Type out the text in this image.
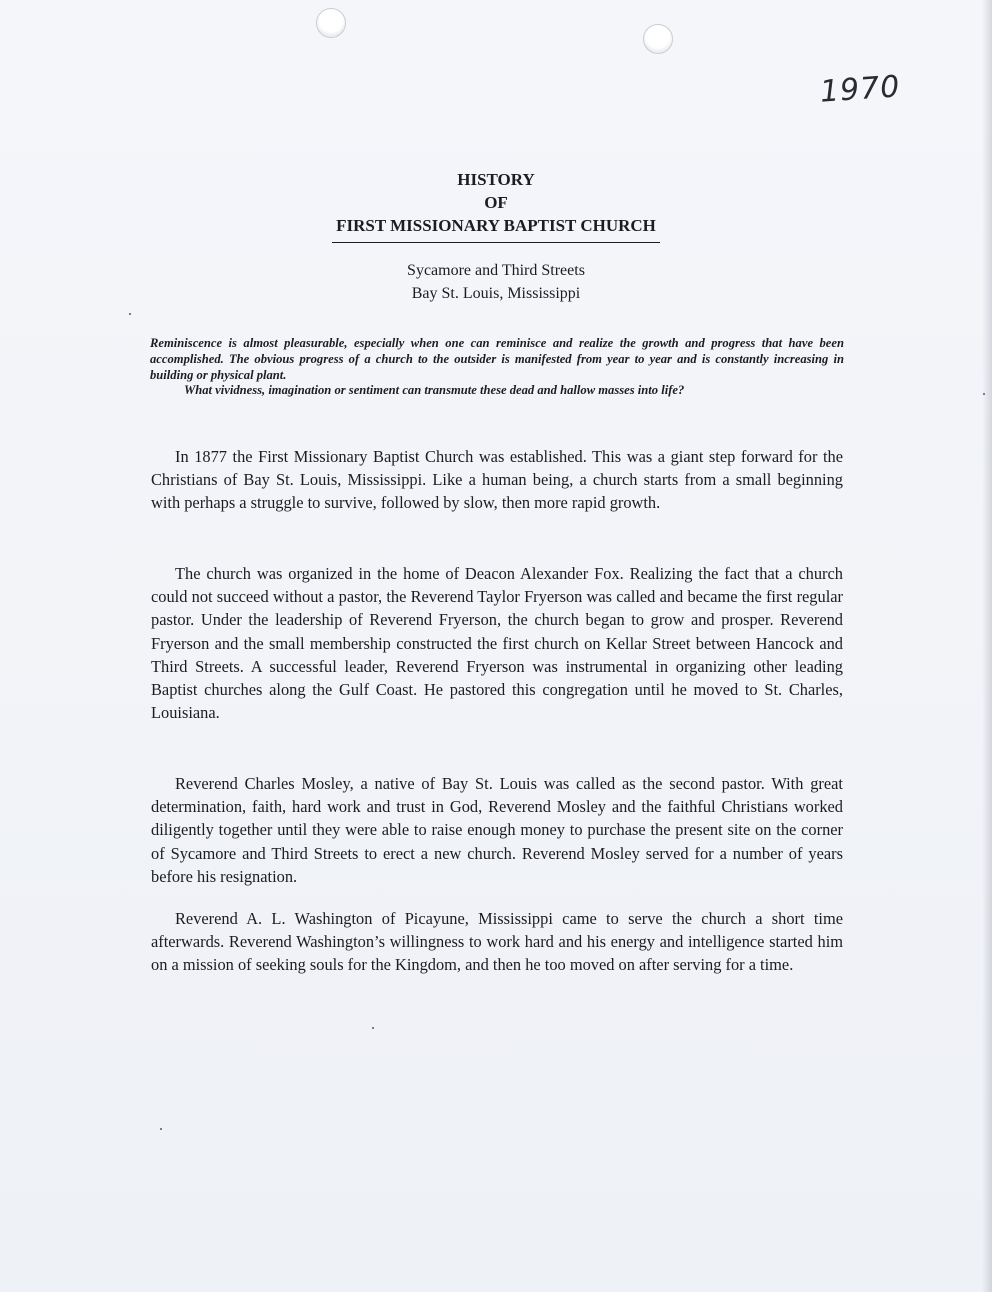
1970
HISTORY
OF
FIRST MISSIONARY BAPTIST CHURCH
Sycamore and Third Streets
Bay St. Louis, Mississippi

Reminiscence is almost pleasurable, especially when one can reminisce and realize the growth and progress that have been accomplished. The obvious progress of a church to the outsider is manifested from year to year and is constantly increasing in building or physical plant.

What vividness, imagination or sentiment can transmute these dead and hallow masses into life?

In 1877 the First Missionary Baptist Church was established. This was a giant step forward for the Christians of Bay St. Louis, Mississippi. Like a human being, a church starts from a small beginning with perhaps a struggle to survive, followed by slow, then more rapid growth.

The church was organized in the home of Deacon Alexander Fox. Realizing the fact that a church could not succeed without a pastor, the Reverend Taylor Fryerson was called and became the first regular pastor. Under the leadership of Reverend Fryerson, the church began to grow and prosper. Reverend Fryerson and the small membership constructed the first church on Kellar Street between Hancock and Third Streets. A successful leader, Reverend Fryerson was instrumental in organizing other leading Baptist churches along the Gulf Coast. He pastored this congregation until he moved to St. Charles, Louisiana.

Reverend Charles Mosley, a native of Bay St. Louis was called as the second pastor. With great determination, faith, hard work and trust in God, Reverend Mosley and the faithful Christians worked diligently together until they were able to raise enough money to purchase the present site on the corner of Sycamore and Third Streets to erect a new church. Reverend Mosley served for a number of years before his resignation.

Reverend A. L. Washington of Picayune, Mississippi came to serve the church a short time afterwards. Reverend Washington’s willingness to work hard and his energy and intelligence started him on a mission of seeking souls for the Kingdom, and then he too moved on after serving for a time.
